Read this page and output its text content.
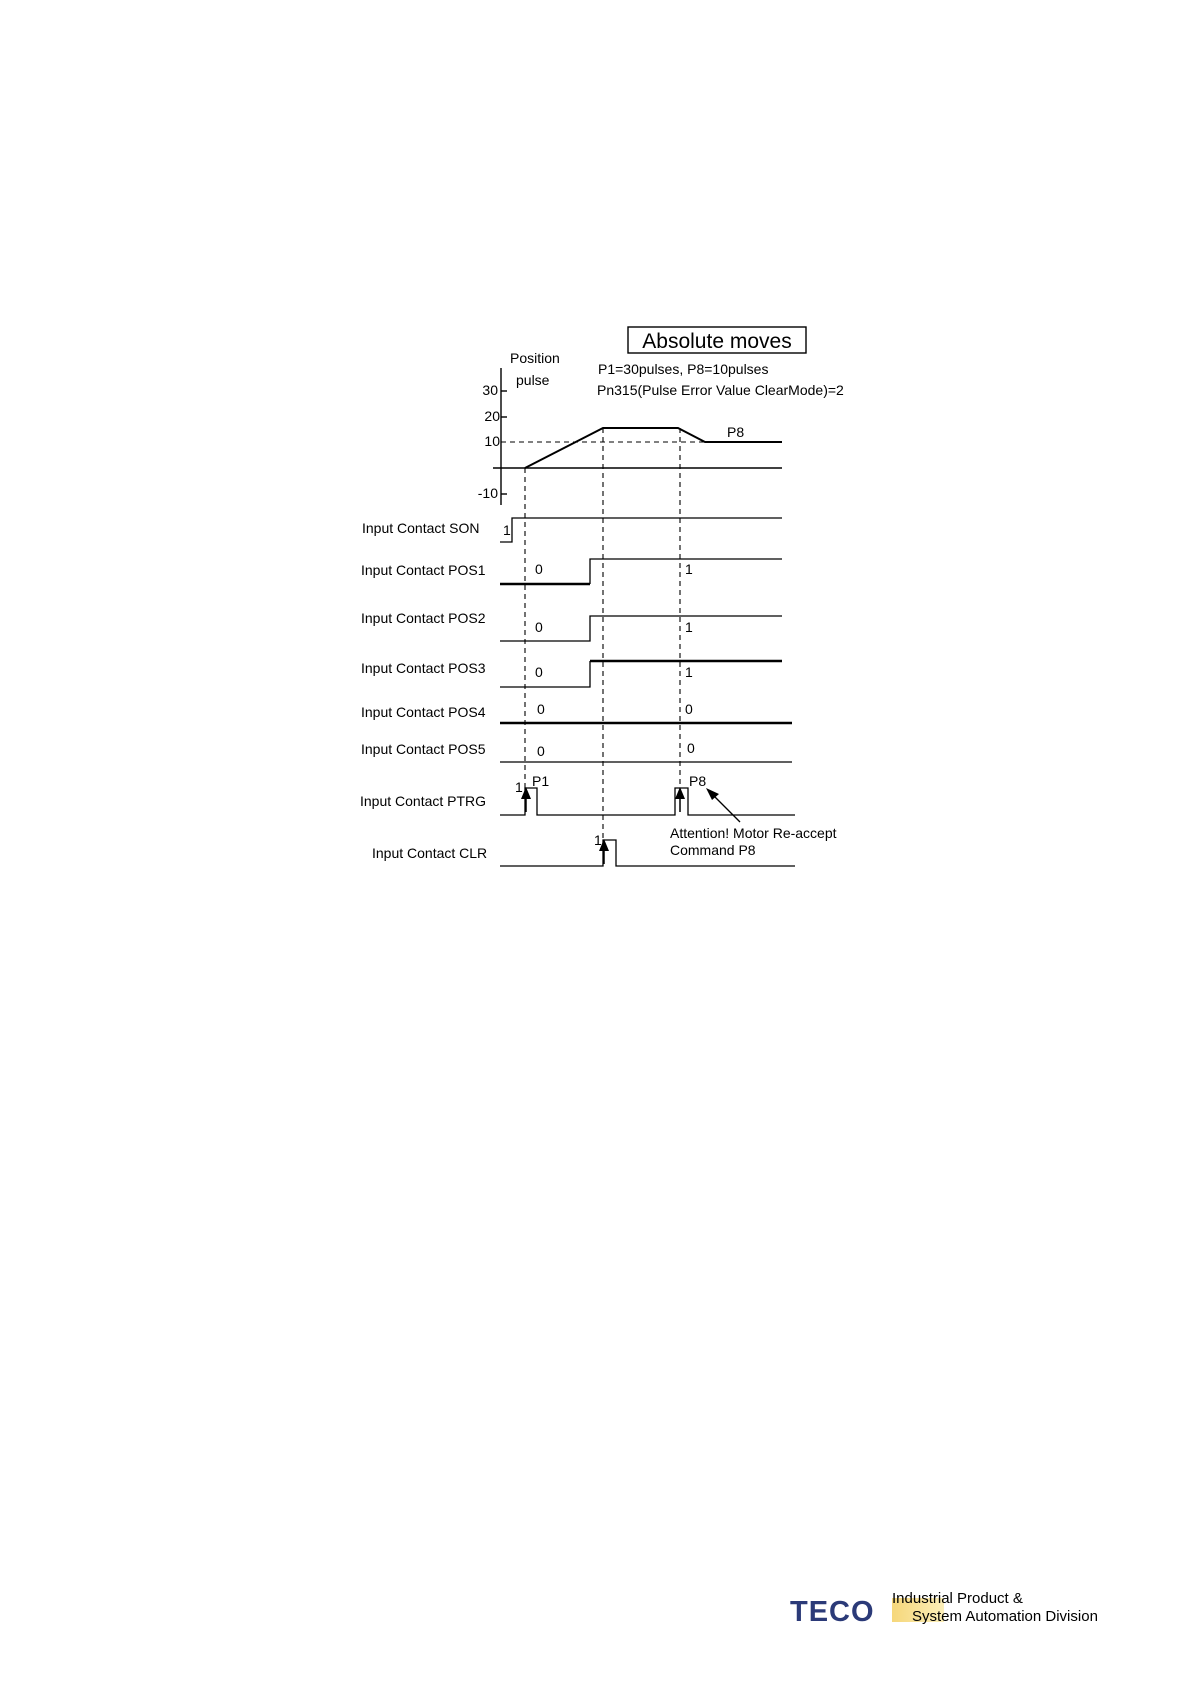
Absolute moves
P1=30pulses, P8=10pulses
Pn315(Pulse Error Value ClearMode)=2
Position
pulse
30
20
10
-10
P8
Input Contact SON 1
Input Contact POS1	0	1
Input Contact POS2
0	1
Input Contact POS3	0	1
Input Contact POS4	0	0
Input Contact POS5	0	0
Input Contact PTRG
1 P1	P8
Attention! Motor Re-accept
Command P8
Input Contact CLR
1
TECO Industrial Product &
System Automation Division
